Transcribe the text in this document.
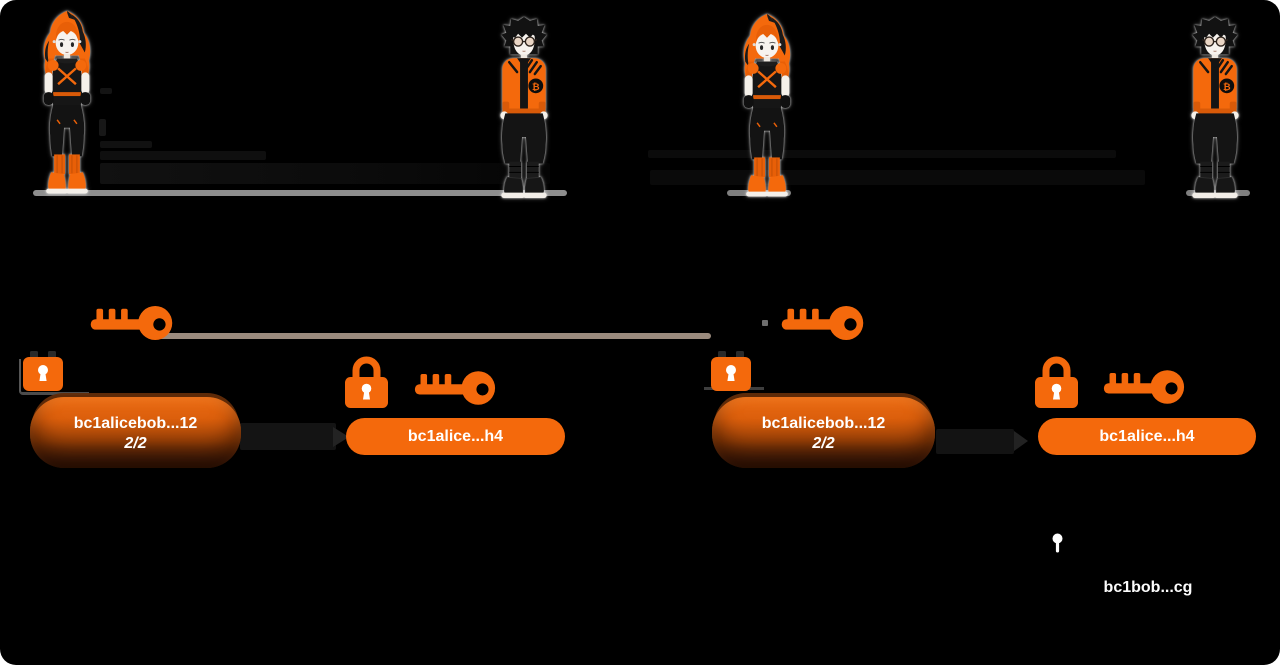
bc1alicebob...12
2/2	bc1alice...h4
bc1alicebob...12
2/2	bc1alice...h4
bc1bob...cg
